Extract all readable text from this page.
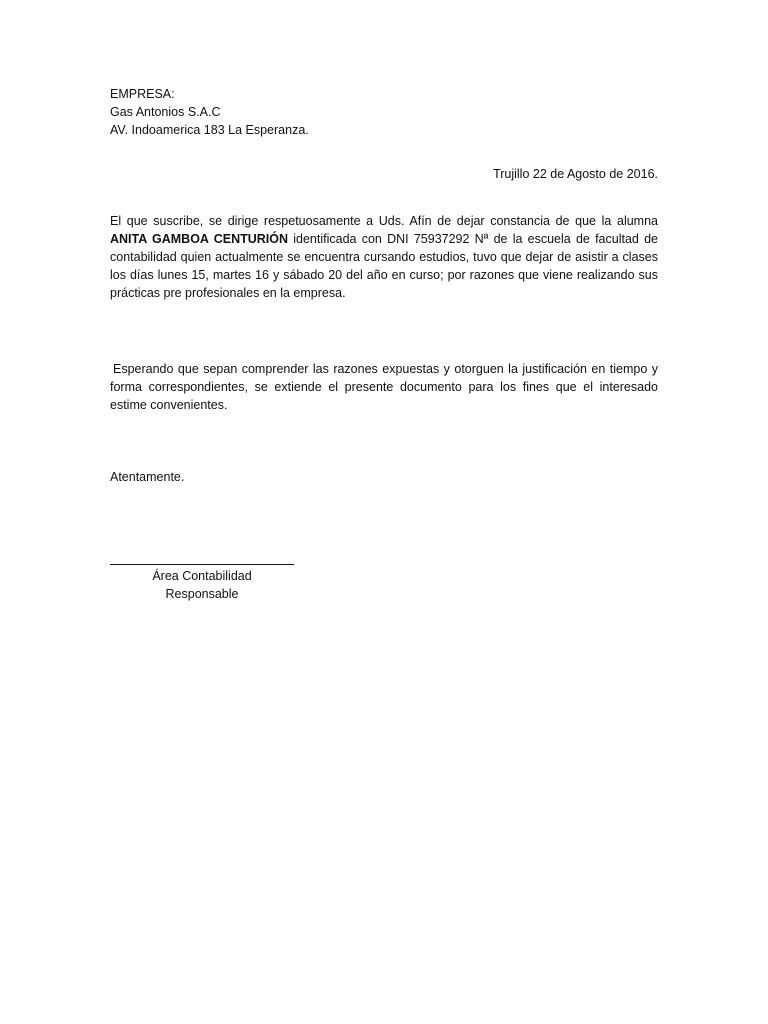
EMPRESA:
Gas Antonios S.A.C
AV. Indoamerica 183 La Esperanza.
Trujillo 22 de Agosto de 2016.

El que suscribe, se dirige respetuosamente a Uds. Afín de dejar constancia de que la alumna ANITA GAMBOA CENTURIÓN identificada con DNI 75937292 Nª de la escuela de facultad de contabilidad quien actualmente se encuentra cursando estudios, tuvo que dejar de asistir a clases los días lunes 15, martes 16 y sábado 20 del año en curso; por razones que viene realizando sus prácticas pre profesionales en la empresa.

Esperando que sepan comprender las razones expuestas y otorguen la justificación en tiempo y forma correspondientes, se extiende el presente documento para los fines que el interesado estime convenientes.

Atentamente.
Área Contabilidad
Responsable
